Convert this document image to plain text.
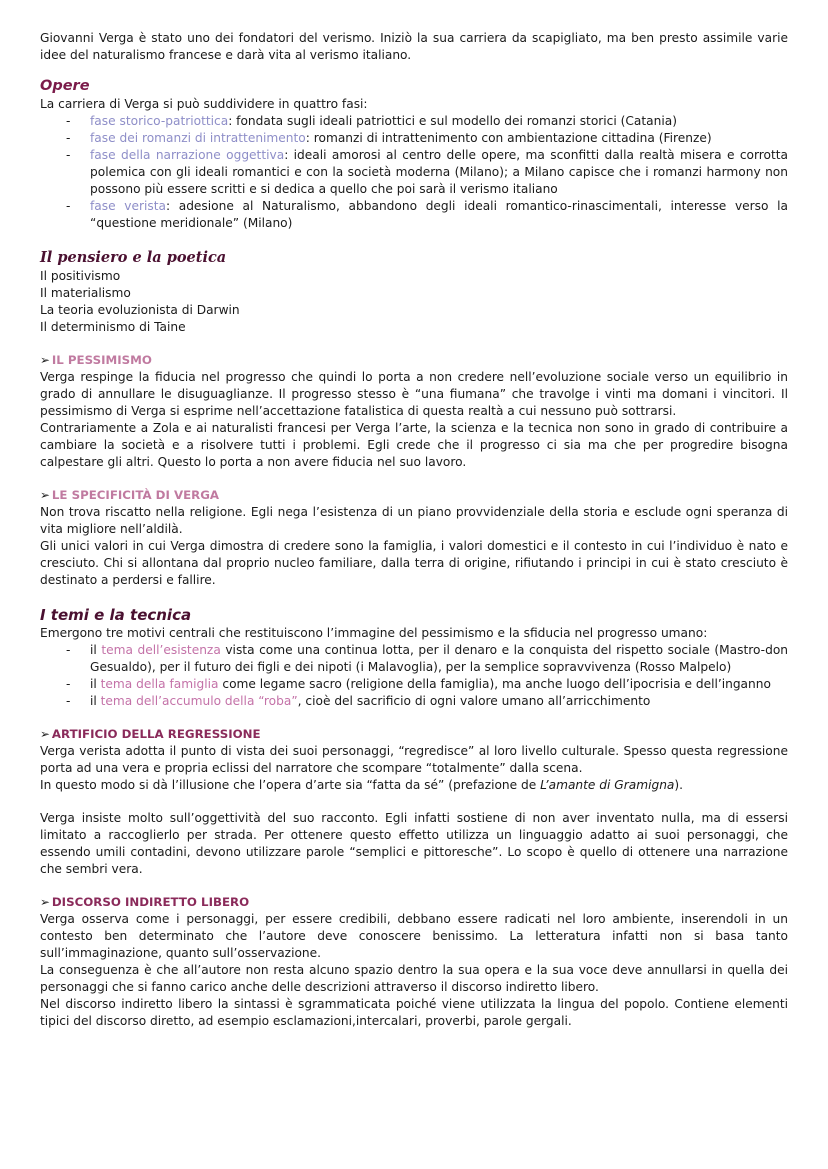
Giovanni Verga è stato uno dei fondatori del verismo. Iniziò la sua carriera da scapigliato, ma ben presto assimile varie idee del naturalismo francese e darà vita al verismo italiano.

Opere

La carriera di Verga si può suddividere in quattro fasi:

- fase storico-patriottica: fondata sugli ideali patriottici e sul modello dei romanzi storici (Catania)
- fase dei romanzi di intrattenimento: romanzi di intrattenimento con ambientazione cittadina (Firenze)
- fase della narrazione oggettiva: ideali amorosi al centro delle opere, ma sconfitti dalla realtà misera e corrotta polemica con gli ideali romantici e con la società moderna (Milano); a Milano capisce che i romanzi harmony non possono più essere scritti e si dedica a quello che poi sarà il verismo italiano
- fase verista: adesione al Naturalismo, abbandono degli ideali romantico-rinascimentali, interesse verso la “questione meridionale” (Milano)
Il pensiero e la poetica
Il positivismo
Il materialismo
La teoria evoluzionista di Darwin
Il determinismo di Taine
➢ IL PESSIMISMO

Verga respinge la fiducia nel progresso che quindi lo porta a non credere nell’evoluzione sociale verso un equilibrio in grado di annullare le disuguaglianze. Il progresso stesso è “una fiumana” che travolge i vinti ma domani i vincitori. Il pessimismo di Verga si esprime nell’accettazione fatalistica di questa realtà a cui nessuno può sottrarsi.

Contrariamente a Zola e ai naturalisti francesi per Verga l’arte, la scienza e la tecnica non sono in grado di contribuire a cambiare la società e a risolvere tutti i problemi. Egli crede che il progresso ci sia ma che per progredire bisogna calpestare gli altri. Questo lo porta a non avere fiducia nel suo lavoro.

➢ LE SPECIFICITÀ DI VERGA

Non trova riscatto nella religione. Egli nega l’esistenza di un piano provvidenziale della storia e esclude ogni speranza di vita migliore nell’aldilà.

Gli unici valori in cui Verga dimostra di credere sono la famiglia, i valori domestici e il contesto in cui l’individuo è nato e cresciuto. Chi si allontana dal proprio nucleo familiare, dalla terra di origine, rifiutando i principi in cui è stato cresciuto è destinato a perdersi e fallire.

I temi e la tecnica

Emergono tre motivi centrali che restituiscono l’immagine del pessimismo e la sfiducia nel progresso umano:

- il tema dell’esistenza vista come una continua lotta, per il denaro e la conquista del rispetto sociale (Mastro-don Gesualdo), per il futuro dei figli e dei nipoti (i Malavoglia), per la semplice sopravvivenza (Rosso Malpelo)
- il tema della famiglia come legame sacro (religione della famiglia), ma anche luogo dell’ipocrisia e dell’inganno
- il tema dell’accumulo della “roba”, cioè del sacrificio di ogni valore umano all’arricchimento
➢ ARTIFICIO DELLA REGRESSIONE

Verga verista adotta il punto di vista dei suoi personaggi, “regredisce” al loro livello culturale. Spesso questa regressione porta ad una vera e propria eclissi del narratore che scompare “totalmente” dalla scena.

In questo modo si dà l’illusione che l’opera d’arte sia “fatta da sé” (prefazione de L’amante di Gramigna).

Verga insiste molto sull’oggettività del suo racconto. Egli infatti sostiene di non aver inventato nulla, ma di essersi limitato a raccoglierlo per strada. Per ottenere questo effetto utilizza un linguaggio adatto ai suoi personaggi, che essendo umili contadini, devono utilizzare parole “semplici e pittoresche”. Lo scopo è quello di ottenere una narrazione che sembri vera.

➢ DISCORSO INDIRETTO LIBERO

Verga osserva come i personaggi, per essere credibili, debbano essere radicati nel loro ambiente, inserendoli in un contesto ben determinato che l’autore deve conoscere benissimo. La letteratura infatti non si basa tanto sull’immaginazione, quanto sull’osservazione.

La conseguenza è che all’autore non resta alcuno spazio dentro la sua opera e la sua voce deve annullarsi in quella dei personaggi che si fanno carico anche delle descrizioni attraverso il discorso indiretto libero.

Nel discorso indiretto libero la sintassi è sgrammaticata poiché viene utilizzata la lingua del popolo. Contiene elementi tipici del discorso diretto, ad esempio esclamazioni,intercalari, proverbi, parole gergali.
